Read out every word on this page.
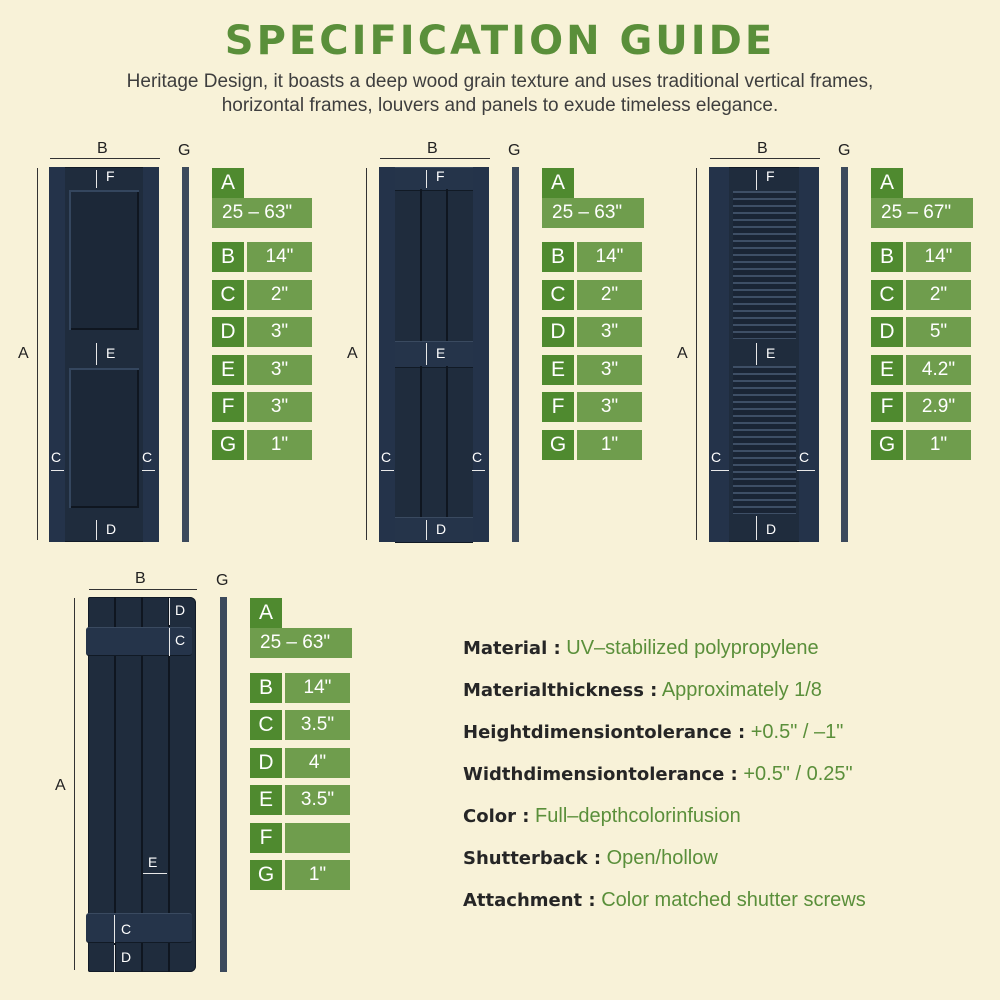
SPECIFICATION GUIDE
Heritage Design, it boasts a deep wood grain texture and uses traditional vertical frames,
horizontal frames, louvers and panels to exude timeless elegance.
B	G
A
F
E
D
C	C
A
25 – 63"
B	14"
C	2"
D	3"
E	3"
F	3"
G	1"
B	G
A
F
E
D
C	C
A
25 – 63"
B	14"
C	2"
D	3"
E	3"
F	3"
G	1"
B	G
A
F
E
D
C	C
A
25 – 67"
B	14"
C	2"
D	5"
E	4.2"
F	2.9"
G	1"
B	G
A
D
C
E
C
D
A
25 – 63"
B	14"
C	3.5"
D	4"
E	3.5"
F
G	1"
Material : UV–stabilized polypropylene
Materialthickness : Approximately 1/8
Heightdimensiontolerance : +0.5" / –1"
Widthdimensiontolerance : +0.5" / 0.25"
Color : Full–depthcolorinfusion
Shutterback : Open/hollow
Attachment : Color matched shutter screws
